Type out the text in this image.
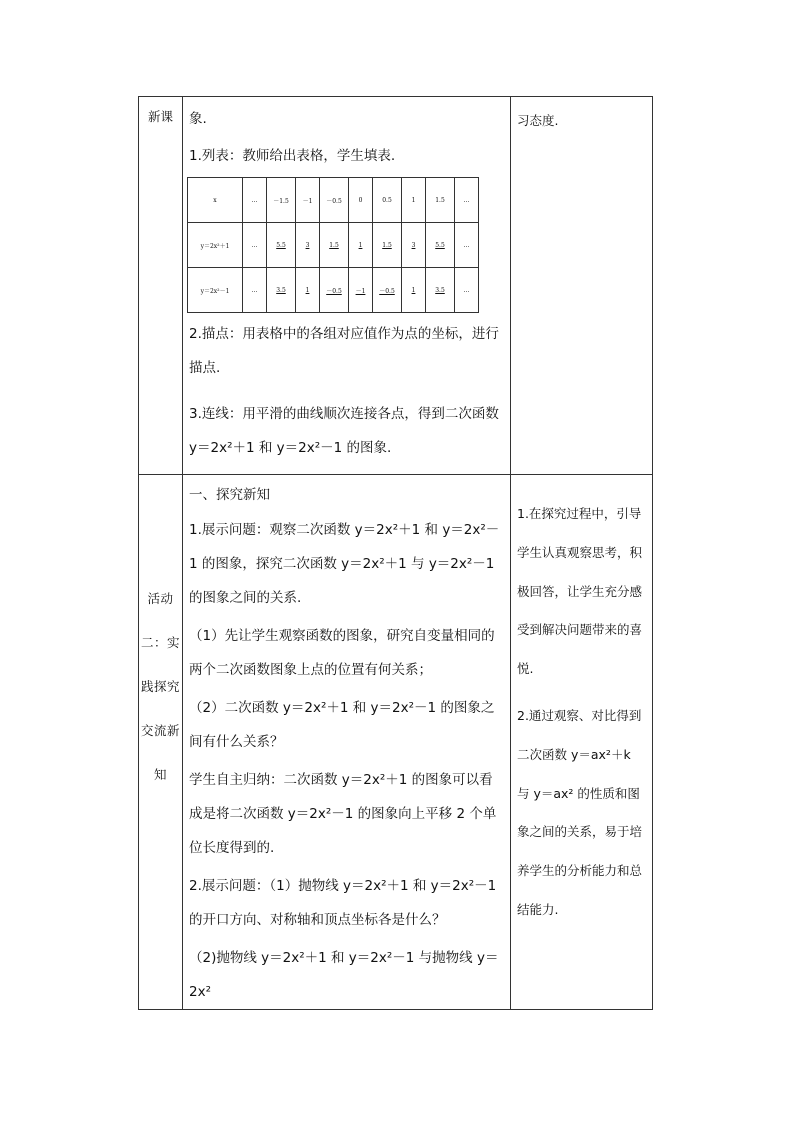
新课	象.

1.列表：教师给出表格，学生填表.

x	…	－1.5	－1	－0.5	0	0.5	1	1.5	…
y＝2x²＋1	…	5.5	3	1.5	1	1.5	3	5.5	…
y＝2x²－1	…	3.5	1	－0.5	－1	－0.5	1	3.5	…

2.描点：用表格中的各组对应值作为点的坐标，进行描点.

3.连线：用平滑的曲线顺次连接各点，得到二次函数 y＝2x²＋1 和 y＝2x²－1 的图象.

习态度.

活动二：实践探究交流新知

一、探究新知

1.展示问题：观察二次函数 y＝2x²＋1 和 y＝2x²－1 的图象，探究二次函数 y＝2x²＋1 与 y＝2x²－1 的图象之间的关系.

（1）先让学生观察函数的图象，研究自变量相同的两个二次函数图象上点的位置有何关系；

（2）二次函数 y＝2x²＋1 和 y＝2x²－1 的图象之间有什么关系？

学生自主归纳：二次函数 y＝2x²＋1 的图象可以看成是将二次函数 y＝2x²－1 的图象向上平移 2 个单位长度得到的.

2.展示问题：（1）抛物线 y＝2x²＋1 和 y＝2x²－1 的开口方向、对称轴和顶点坐标各是什么？

（2)抛物线 y＝2x²＋1 和 y＝2x²－1 与抛物线 y＝2x²

1.在探究过程中，引导学生认真观察思考，积极回答，让学生充分感受到解决问题带来的喜悦.

2.通过观察、对比得到二次函数 y＝ax²＋k 与 y＝ax² 的性质和图象之间的关系，易于培养学生的分析能力和总结能力.
